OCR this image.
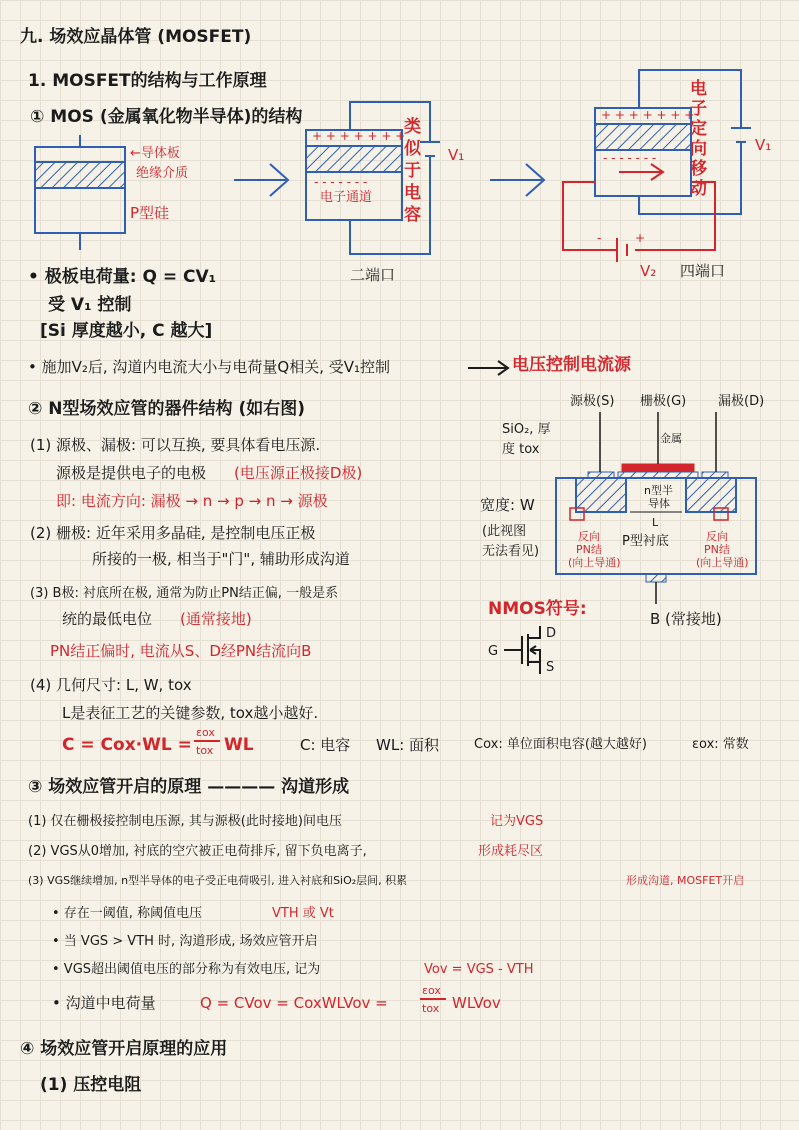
九. 场效应晶体管 (MOSFET)
1. MOSFET的结构与工作原理
① MOS (金属氧化物半导体)的结构
←导体板
绝缘介质
P型硅
+ + + + + + +
- - - - - - -
电子通道
类
似
于
电
容
V₁
二端口
+ + + + + + +
- - - - - - -
-	+
电
子
定
向
移
动
V₁
V₂ 四端口
• 极板电荷量: Q = CV₁
受 V₁ 控制
[Si 厚度越小, C 越大]
• 施加V₂后, 沟道内电流大小与电荷量Q相关, 受V₁控制	电压控制电流源
② N型场效应管的器件结构 (如右图)
(1) 源极、漏极: 可以互换, 要具体看电压源.
源极是提供电子的电极 (电压源正极接D极)
即: 电流方向: 漏极 → n → p → n → 源极
(2) 栅极: 近年采用多晶硅, 是控制电压正极
所接的一极, 相当于"门", 辅助形成沟道
(3) B极: 衬底所在极, 通常为防止PN结正偏, 一般是系
统的最低电位 (通常接地)
PN结正偏时, 电流从S、D经PN结流向B
(4) 几何尺寸: L, W, tox
L是表征工艺的关键参数, tox越小越好.
C = Cox·WL =
εox
tox WL	C: 电容 WL: 面积	Cox: 单位面积电容(越大越好)	εox: 常数
源极(S) 栅极(G) 漏极(D)
SiO₂, 厚
度 tox
金属
n型半
导体
L
P型衬底
宽度: W
(此视图
无法看见)
反向
PN结
(向上导通)
反向
PN结
(向上导通)
B (常接地)
NMOS符号:
D
G
S
③ 场效应管开启的原理 ———— 沟道形成
(1) 仅在栅极接控制电压源, 其与源极(此时接地)间电压	记为VGS
(2) VGS从0增加, 衬底的空穴被正电荷排斥, 留下负电离子,	形成耗尽区
(3) VGS继续增加, n型半导体的电子受正电荷吸引, 进入衬底和SiO₂层间, 积累	形成沟道, MOSFET开启
• 存在一阈值, 称阈值电压	VTH 或 Vt
• 当 VGS > VTH 时, 沟道形成, 场效应管开启
• VGS超出阈值电压的部分称为有效电压, 记为	Vov = VGS - VTH
• 沟道中电荷量	Q = CVov = CoxWLVov =
εox
tox WLVov
④ 场效应管开启原理的应用
(1) 压控电阻
